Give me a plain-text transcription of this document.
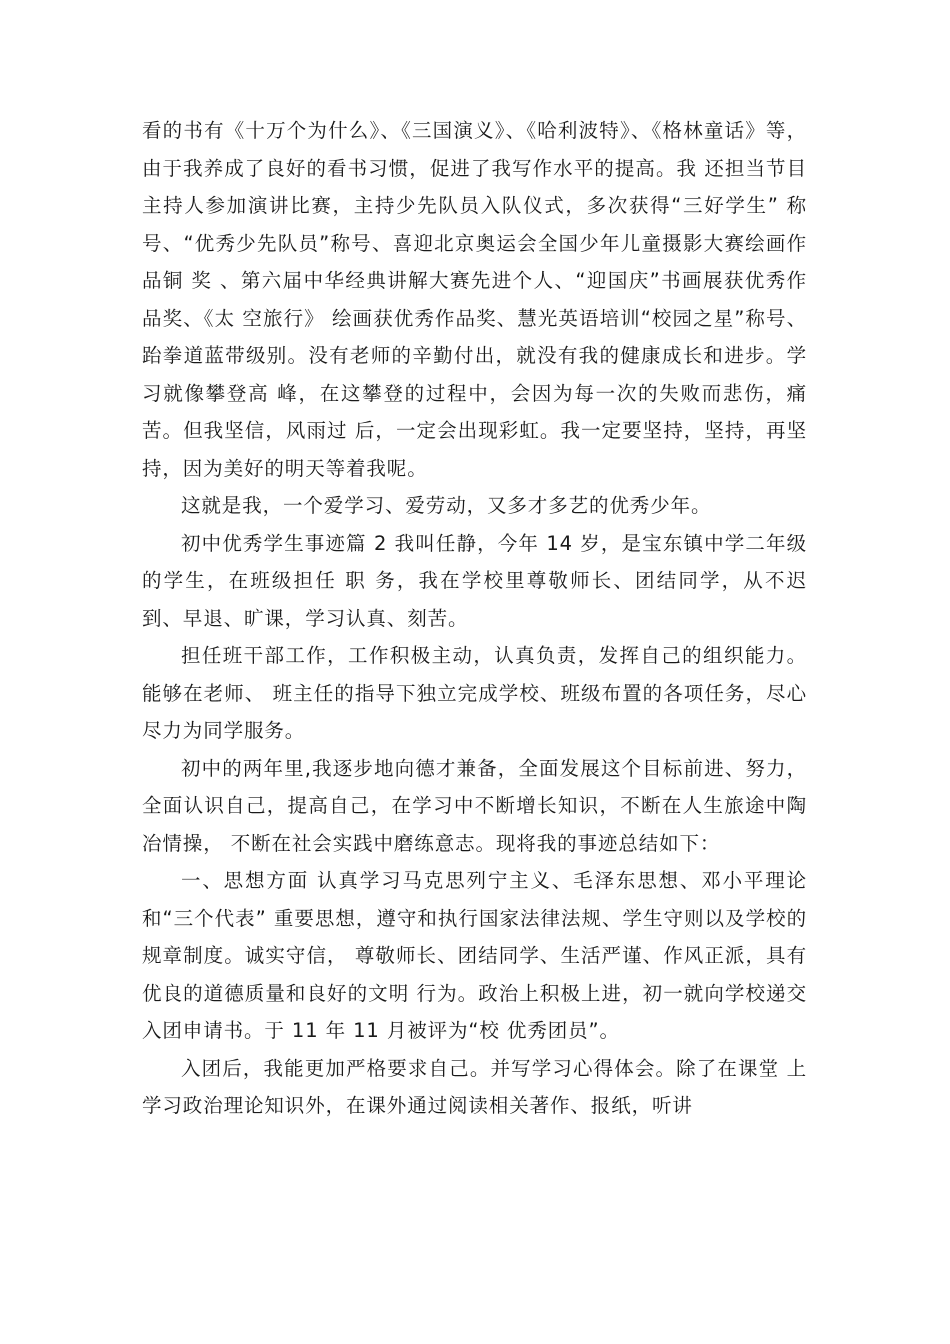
看的书有《十万个为什么》、《三国演义》、《哈利波特》、《格林童话》等，由于我养成了良好的看书习惯，促进了我写作水平的提高。我 还担当节目主持人参加演讲比赛，主持少先队员入队仪式，多次获得“三好学生” 称号、“优秀少先队员”称号、喜迎北京奥运会全国少年儿童摄影大赛绘画作品铜 奖 、第六届中华经典讲解大赛先进个人、“迎国庆”书画展获优秀作品奖、《太 空旅行》 绘画获优秀作品奖、慧光英语培训“校园之星”称号、跆拳道蓝带级别。没有老师的辛勤付出，就没有我的健康成长和进步。学习就像攀登高 峰，在这攀登的过程中，会因为每一次的失败而悲伤，痛苦。但我坚信，风雨过 后，一定会出现彩虹。我一定要坚持，坚持，再坚持，因为美好的明天等着我呢。

这就是我，一个爱学习、爱劳动，又多才多艺的优秀少年。

初中优秀学生事迹篇 2 我叫任静，今年 14 岁，是宝东镇中学二年级的学生，在班级担任 职 务，我在学校里尊敬师长、团结同学，从不迟到、早退、旷课，学习认真、刻苦。

担任班干部工作，工作积极主动，认真负责，发挥自己的组织能力。能够在老师、 班主任的指导下独立完成学校、班级布置的各项任务，尽心尽力为同学服务。

初中的两年里,我逐步地向德才兼备，全面发展这个目标前进、努力， 全面认识自己，提高自己，在学习中不断增长知识，不断在人生旅途中陶冶情操， 不断在社会实践中磨练意志。现将我的事迹总结如下：

一、思想方面 认真学习马克思列宁主义、毛泽东思想、邓小平理论和“三个代表” 重要思想，遵守和执行国家法律法规、学生守则以及学校的规章制度。诚实守信， 尊敬师长、团结同学、生活严谨、作风正派，具有优良的道德质量和良好的文明 行为。政治上积极上进，初一就向学校递交入团申请书。于 11 年 11 月被评为“校 优秀团员”。

入团后，我能更加严格要求自己。并写学习心得体会。除了在课堂 上学习政治理论知识外，在课外通过阅读相关著作、报纸，听讲
